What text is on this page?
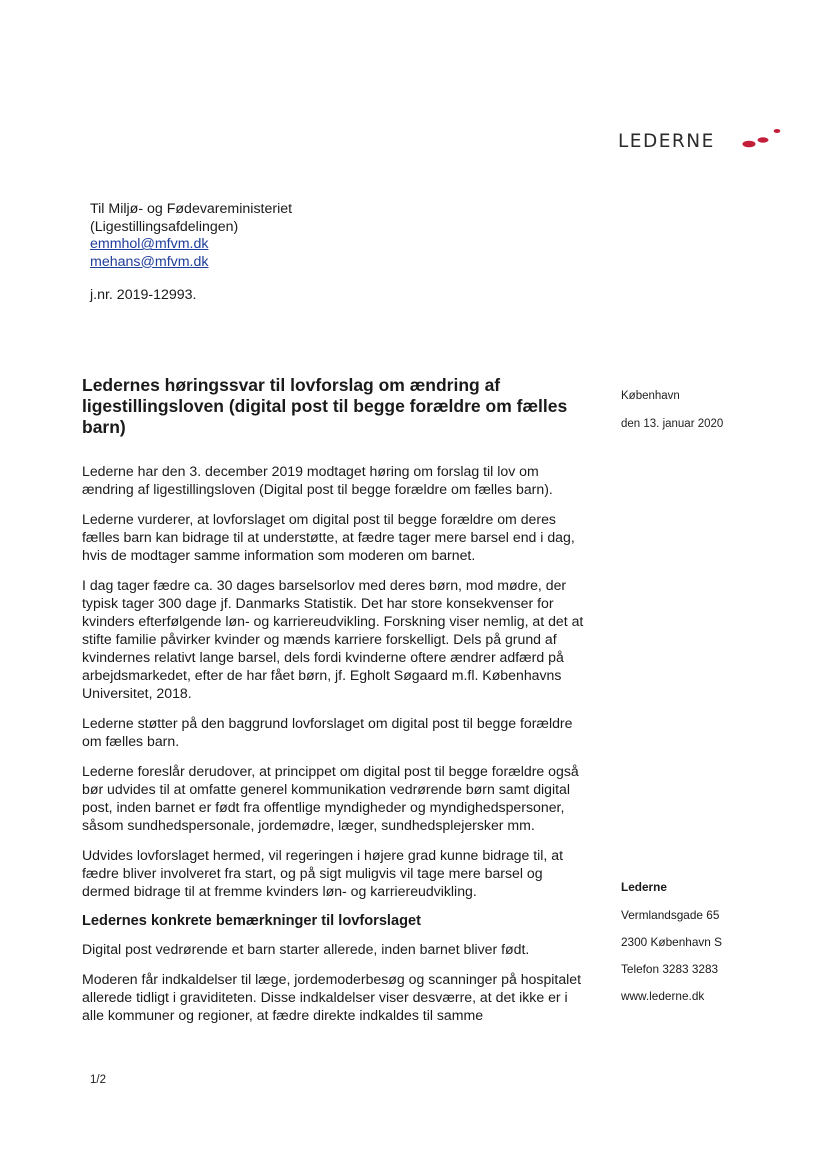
LEDERNE
Til Miljø- og Fødevareministeriet
(Ligestillingsafdelingen)
emmhol@mfvm.dk
mehans@mfvm.dk
j.nr. 2019-12993.
Ledernes høringssvar til lovforslag om ændring af ligestillingsloven (digital post til begge forældre om fælles barn)
København
den 13. januar 2020

Lederne har den 3. december 2019 modtaget høring om forslag til lov om ændring af ligestillingsloven (Digital post til begge forældre om fælles barn).

Lederne vurderer, at lovforslaget om digital post til begge forældre om deres fælles barn kan bidrage til at understøtte, at fædre tager mere barsel end i dag, hvis de modtager samme information som moderen om barnet.

I dag tager fædre ca. 30 dages barselsorlov med deres børn, mod mødre, der typisk tager 300 dage jf. Danmarks Statistik. Det har store konsekvenser for kvinders efterfølgende løn- og karriereudvikling. Forskning viser nemlig, at det at stifte familie påvirker kvinder og mænds karriere forskelligt. Dels på grund af kvindernes relativt lange barsel, dels fordi kvinderne oftere ændrer adfærd på arbejdsmarkedet, efter de har fået børn, jf. Egholt Søgaard m.fl. Københavns Universitet, 2018.

Lederne støtter på den baggrund lovforslaget om digital post til begge forældre om fælles barn.

Lederne foreslår derudover, at princippet om digital post til begge forældre også bør udvides til at omfatte generel kommunikation vedrørende børn samt digital post, inden barnet er født fra offentlige myndigheder og myndighedspersoner, såsom sundhedspersonale, jordemødre, læger, sundhedsplejersker mm.

Udvides lovforslaget hermed, vil regeringen i højere grad kunne bidrage til, at fædre bliver involveret fra start, og på sigt muligvis vil tage mere barsel og dermed bidrage til at fremme kvinders løn- og karriereudvikling.

Ledernes konkrete bemærkninger til lovforslaget

Digital post vedrørende et barn starter allerede, inden barnet bliver født.

Moderen får indkaldelser til læge, jordemoderbesøg og scanninger på hospitalet allerede tidligt i graviditeten. Disse indkaldelser viser desværre, at det ikke er i alle kommuner og regioner, at fædre direkte indkaldes til samme

Lederne
Vermlandsgade 65
2300 København S
Telefon 3283 3283
www.lederne.dk
1/2
